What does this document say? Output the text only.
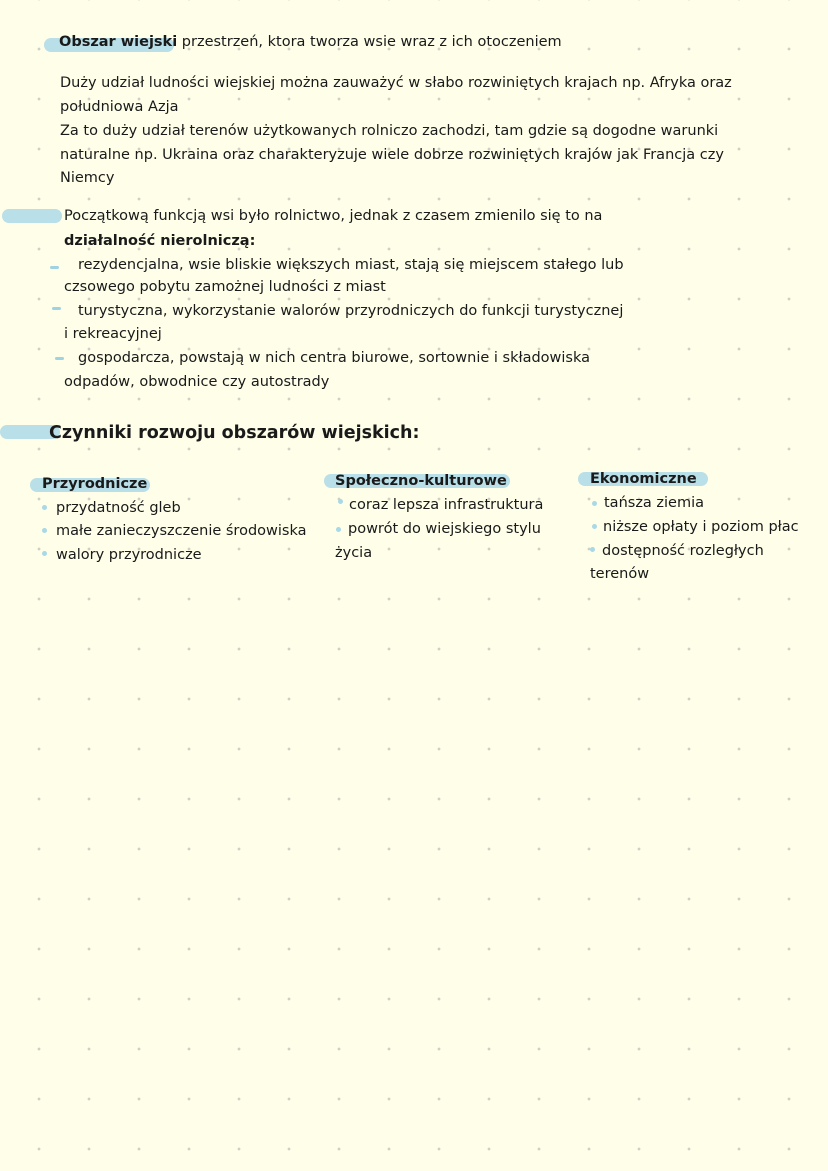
Obszar wiejski przestrzeń, ktora tworza wsie wraz z ich otoczeniem
Duży udział ludności wiejskiej można zauważyć w słabo rozwiniętych krajach np. Afryka oraz
południowa Azja
Za to duży udział terenów użytkowanych rolniczo zachodzi, tam gdzie są dogodne warunki
naturalne np. Ukraina oraz charakteryzuje wiele dobrze rozwiniętych krajów jak Francja czy
Niemcy
Początkową funkcją wsi było rolnictwo, jednak z czasem zmienilo się to na
działalność nierolniczą:
rezydencjalna, wsie bliskie większych miast, stają się miejscem stałego lub
czsowego pobytu zamożnej ludności z miast
turystyczna, wykorzystanie walorów przyrodniczych do funkcji turystycznej
i rekreacyjnej
gospodarcza, powstają w nich centra biurowe, sortownie i składowiska
odpadów, obwodnice czy autostrady
Czynniki rozwoju obszarów wiejskich:
Przyrodnicze
przydatność gleb
małe zanieczyszczenie środowiska
walory przyrodnicze
Społeczno-kulturowe
coraz lepsza infrastruktura
powrót do wiejskiego stylu
życia
Ekonomiczne
tańsza ziemia
niższe opłaty i poziom płac
dostępność rozległych
terenów
